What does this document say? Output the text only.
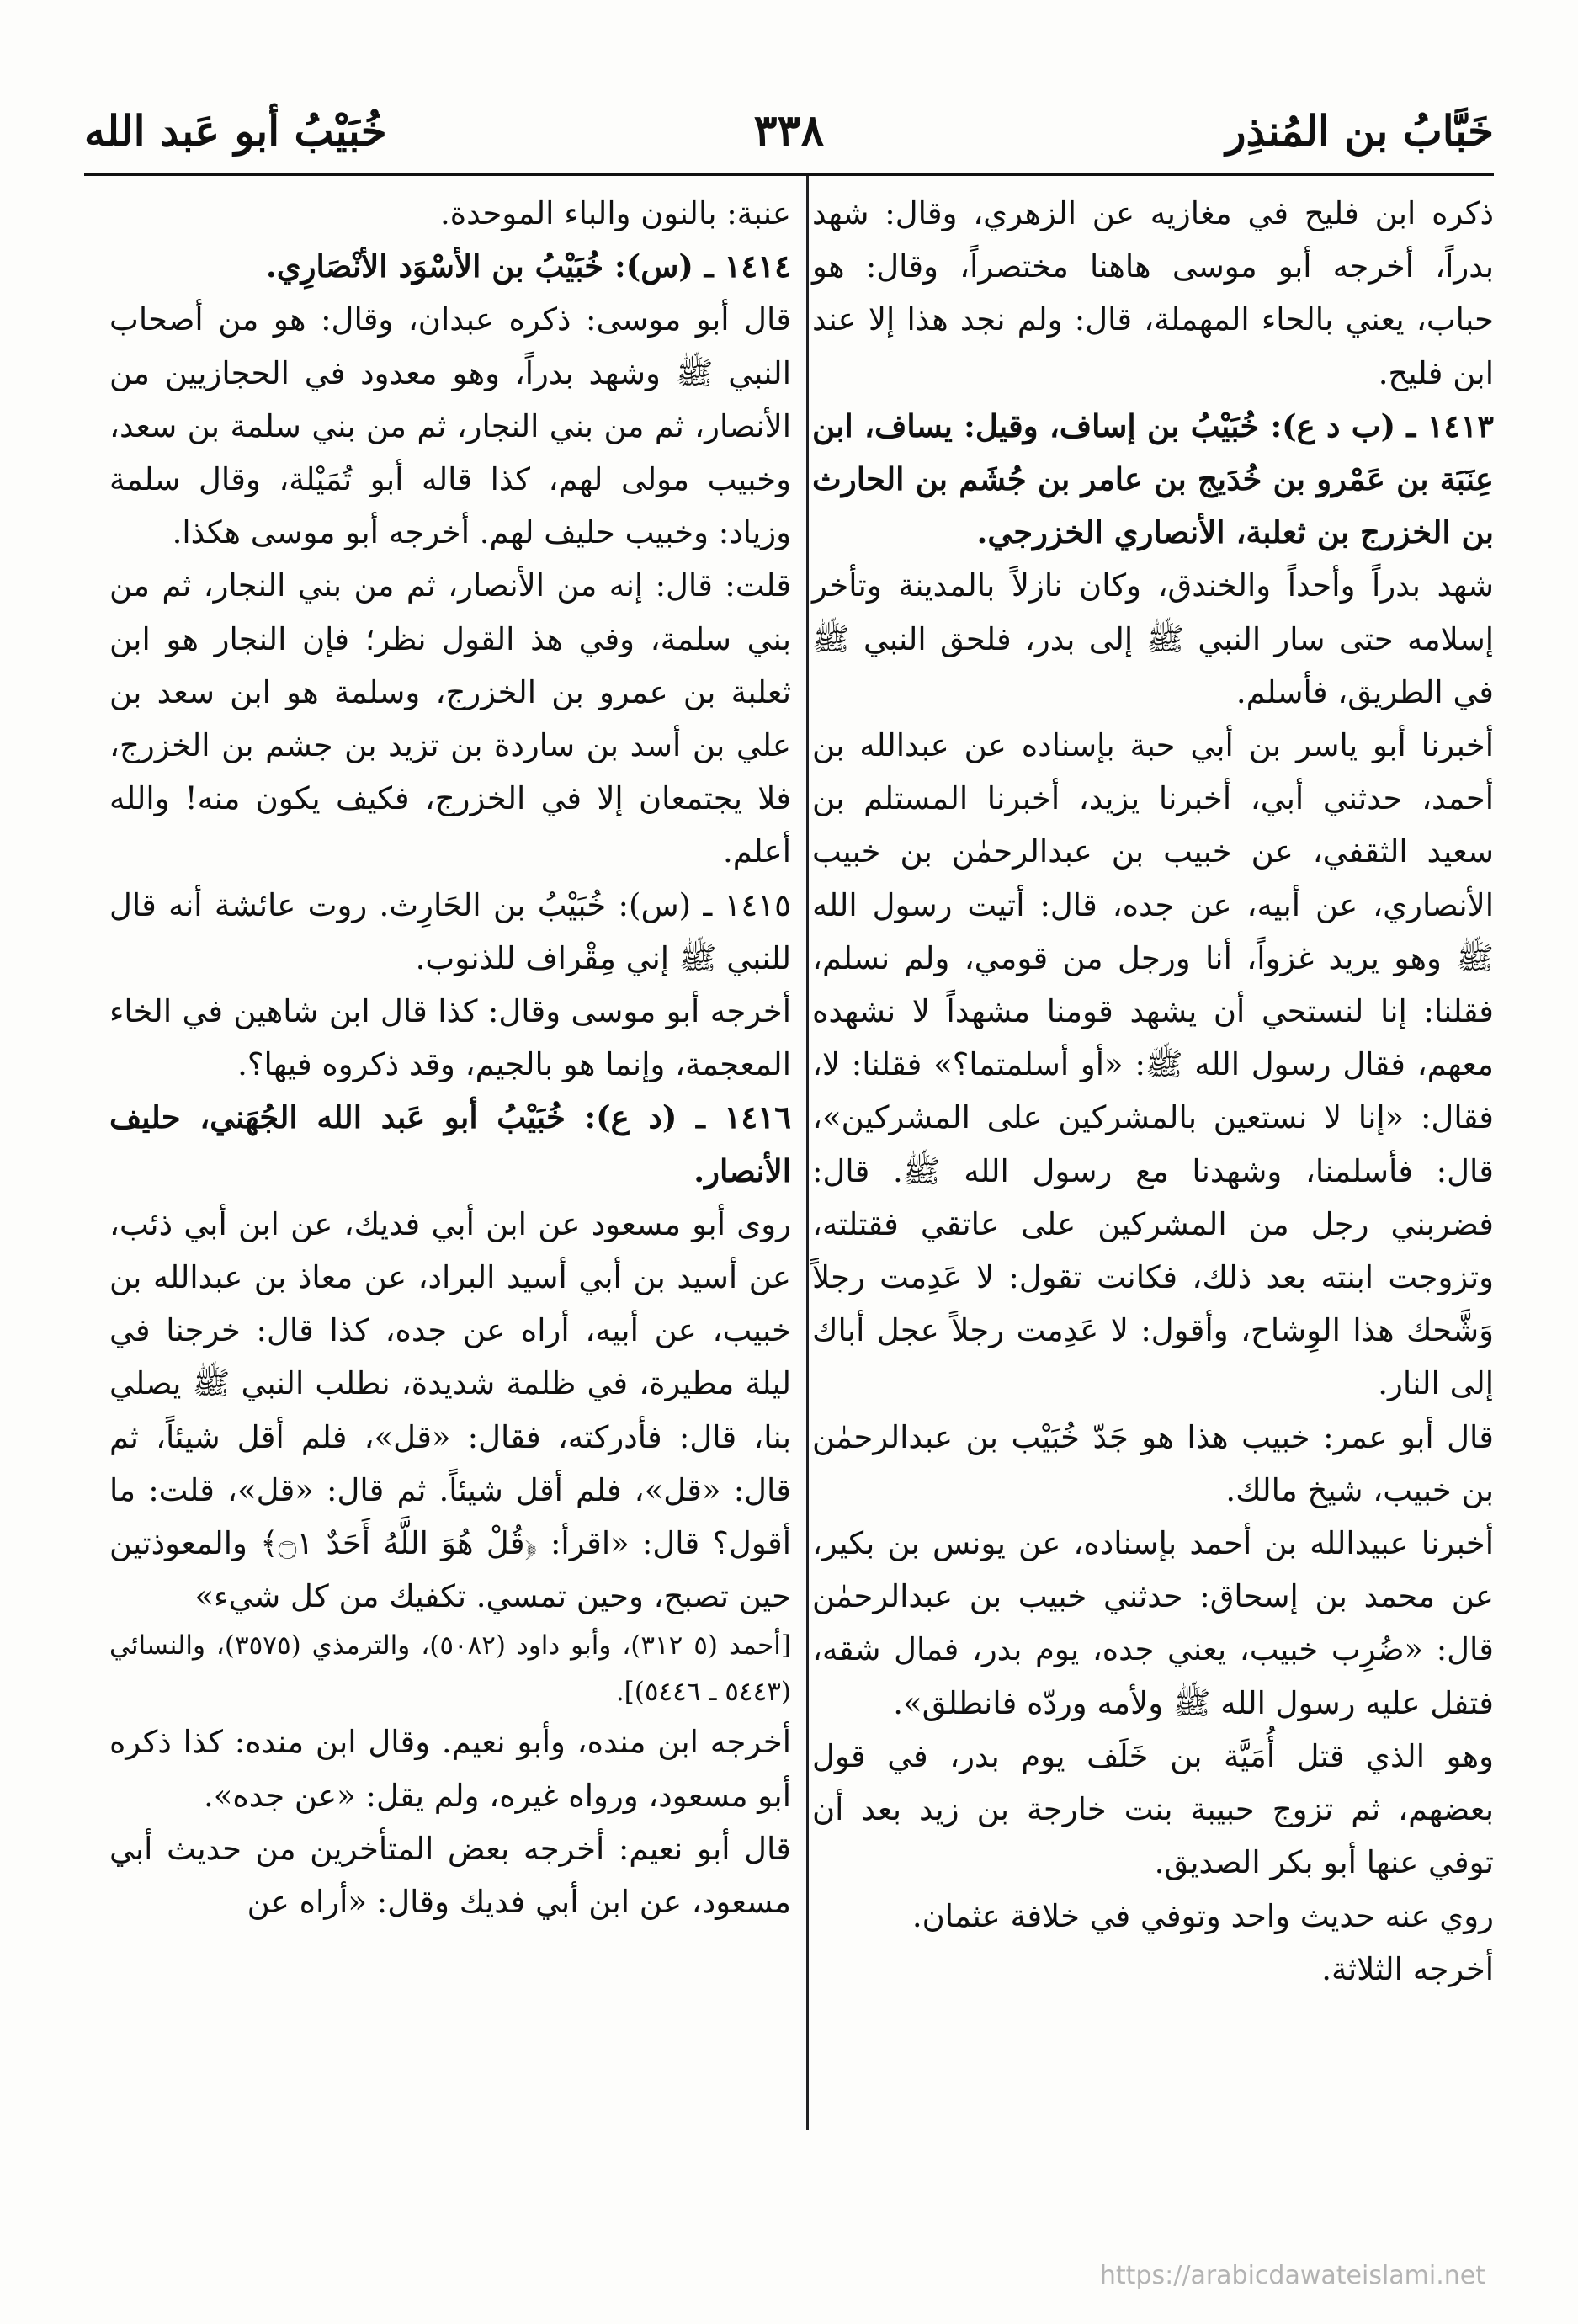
خَبَّابُ بن المُنذِر
٣٣٨
خُبَيْبُ أبو عَبد الله

ذكره ابن فليح في مغازيه عن الزهري، وقال: شهد بدراً، أخرجه أبو موسى هاهنا مختصراً، وقال: هو حباب، يعني بالحاء المهملة، قال: ولم نجد هذا إلا عند ابن فليح.

١٤١٣ ـ (ب د ع): خُبَيْبُ بن إساف، وقيل: يساف، ابن عِنَبَة بن عَمْرو بن خُدَيج بن عامر بن جُشَم بن الحارث بن الخزرج بن ثعلبة، الأنصاري الخزرجي.

شهد بدراً وأحداً والخندق، وكان نازلاً بالمدينة وتأخر إسلامه حتى سار النبي ﷺ إلى بدر، فلحق النبي ﷺ في الطريق، فأسلم.

أخبرنا أبو ياسر بن أبي حبة بإسناده عن عبدالله بن أحمد، حدثني أبي، أخبرنا يزيد، أخبرنا المستلم بن سعيد الثقفي، عن خبيب بن عبدالرحمٰن بن خبيب الأنصاري، عن أبيه، عن جده، قال: أتيت رسول الله ﷺ وهو يريد غزواً، أنا ورجل من قومي، ولم نسلم، فقلنا: إنا لنستحي أن يشهد قومنا مشهداً لا نشهده معهم، فقال رسول الله ﷺ: «أو أسلمتما؟» فقلنا: لا، فقال: «إنا لا نستعين بالمشركين على المشركين»، قال: فأسلمنا، وشهدنا مع رسول الله ﷺ. قال: فضربني رجل من المشركين على عاتقي فقتلته، وتزوجت ابنته بعد ذلك، فكانت تقول: لا عَدِمت رجلاً وَشَّحك هذا الوِشاح، وأقول: لا عَدِمت رجلاً عجل أباك إلى النار.

قال أبو عمر: خبيب هذا هو جَدّ خُبَيْب بن عبدالرحمٰن بن خبيب، شيخ مالك.

أخبرنا عبيدالله بن أحمد بإسناده، عن يونس بن بكير، عن محمد بن إسحاق: حدثني خبيب بن عبدالرحمٰن قال: «ضُرِب خبيب، يعني جده، يوم بدر، فمال شقه، فتفل عليه رسول الله ﷺ ولأمه وردّه فانطلق».

وهو الذي قتل أُمَيَّة بن خَلَف يوم بدر، في قول بعضهم، ثم تزوج حبيبة بنت خارجة بن زيد بعد أن توفي عنها أبو بكر الصديق.

روي عنه حديث واحد وتوفي في خلافة عثمان.

أخرجه الثلاثة.

عنبة: بالنون والباء الموحدة.

١٤١٤ ـ (س): خُبَيْبُ بن الأسْوَد الأنْصَارِي.

قال أبو موسى: ذكره عبدان، وقال: هو من أصحاب النبي ﷺ وشهد بدراً، وهو معدود في الحجازيين من الأنصار، ثم من بني النجار، ثم من بني سلمة بن سعد، وخبيب مولى لهم، كذا قاله أبو تُمَيْلة، وقال سلمة وزياد: وخبيب حليف لهم. أخرجه أبو موسى هكذا.

قلت: قال: إنه من الأنصار، ثم من بني النجار، ثم من بني سلمة، وفي هذ القول نظر؛ فإن النجار هو ابن ثعلبة بن عمرو بن الخزرج، وسلمة هو ابن سعد بن علي بن أسد بن ساردة بن تزيد بن جشم بن الخزرج، فلا يجتمعان إلا في الخزرج، فكيف يكون منه! والله أعلم.

١٤١٥ ـ (س): خُبَيْبُ بن الحَارِث. روت عائشة أنه قال للنبي ﷺ إني مِقْراف للذنوب.

أخرجه أبو موسى وقال: كذا قال ابن شاهين في الخاء المعجمة، وإنما هو بالجيم، وقد ذكروه فيها؟.

١٤١٦ ـ (د ع): خُبَيْبُ أبو عَبد الله الجُهَني، حليف الأنصار.

روى أبو مسعود عن ابن أبي فديك، عن ابن أبي ذئب، عن أسيد بن أبي أسيد البراد، عن معاذ بن عبدالله بن خبيب، عن أبيه، أراه عن جده، كذا قال: خرجنا في ليلة مطيرة، في ظلمة شديدة، نطلب النبي ﷺ يصلي بنا، قال: فأدركته، فقال: «قل»، فلم أقل شيئاً، ثم قال: «قل»، فلم أقل شيئاً. ثم قال: «قل»، قلت: ما أقول؟ قال: «اقرأ: ﴿قُلْ هُوَ اللَّهُ أَحَدٌ ۝١﴾ والمعوذتين حين تصبح، وحين تمسي. تكفيك من كل شيء»

[أحمد (٥ ٣١٢)، وأبو داود (٥٠٨٢)، والترمذي (٣٥٧٥)، والنسائي (٥٤٤٣ ـ ٥٤٤٦)].

أخرجه ابن منده، وأبو نعيم. وقال ابن منده: كذا ذكره أبو مسعود، ورواه غيره، ولم يقل: «عن جده».

قال أبو نعيم: أخرجه بعض المتأخرين من حديث أبي مسعود، عن ابن أبي فديك وقال: «أراه عن

https://arabicdawateislami.net
